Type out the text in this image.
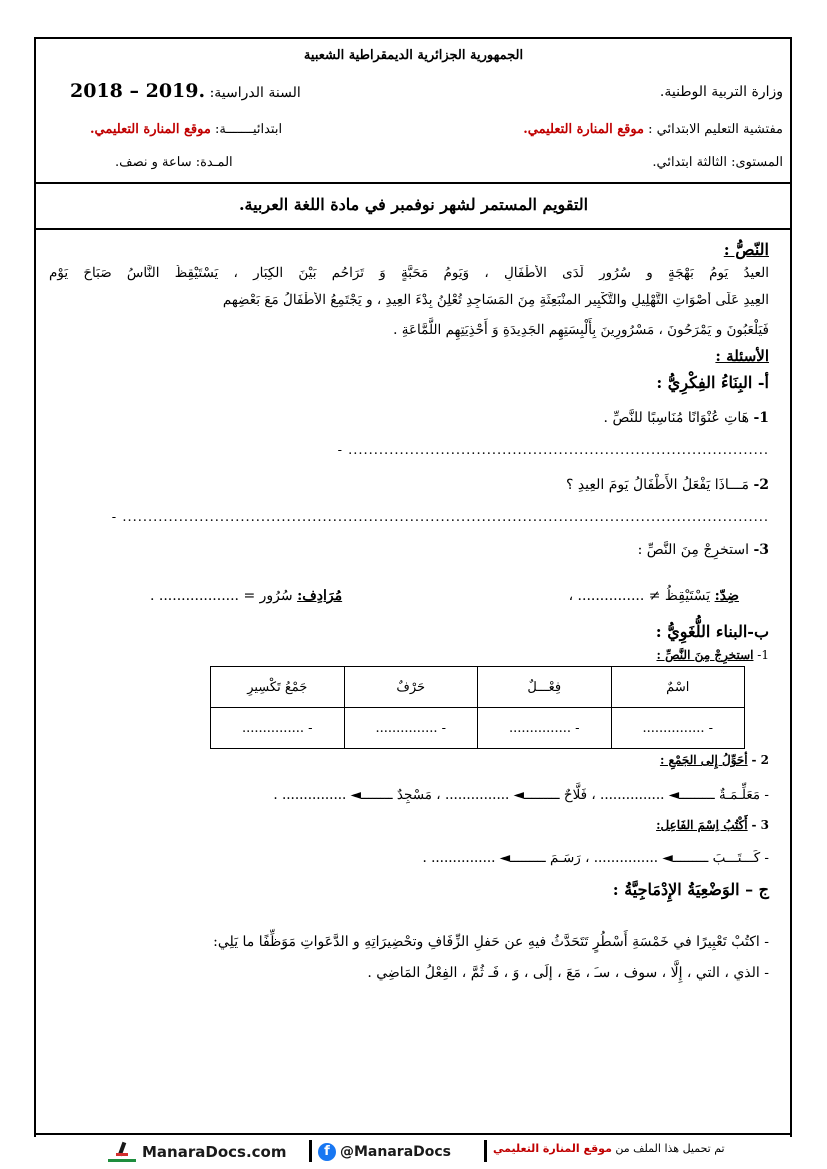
الجمهورية الجزائرية الديمقراطية الشعبية
وزارة التربية الوطنية.
السنة الدراسية: 2018 – 2019.
مفتشية التعليم الابتدائي : موقع المنارة التعليمي.
ابتدائيـــــــة: موقع المنارة التعليمي.
المستوى: الثالثة ابتدائي.
المـدة: ساعة و نصف.
التقويم المستمر لشهر نوفمبر في مادة اللغة العربية.
النّصُّ :
العيدُ يَومُ بَهْجَةٍ و سُرُورٍ لَدَى الأَطْفَالِ ، وَيَومُ مَحَبَّةٍ وَ تَرَاحُمٍ بَيْنَ الكِبَارِ ، يَسْتَيْقِظُ النَّاسُ صَبَاحَ يَوْمِ
العِيدِ عَلَى أَصْوَاتِ التَّهْلِيلِ والتَّكْبِيرِ المنْبَعِثَةِ مِنَ المَسَاجِدِ تُعْلِنُ بِدْءَ العِيدِ ، و يَجْتَمِعُ الأَطْفَالُ مَعَ بَعْضِهِم
فَيَلْعَبُونَ و يَمْرَحُونَ ، مَسْرُورِينَ بِأَلْبِسَتِهِم الجَدِيدَةِ وَ أَحْذِيَتِهِم اللَّمَّاعَةِ .
الأسئلة :
أ- البِنَاءُ الفِكْرِيُّ :
1- هَاتِ عُنْوَانًا مُنَاسِبًا للنَّصِّ .
- ..................................................................................
2- مَـــاذَا يَفْعَلُ الأَطْفَالُ يَومَ العِيدِ ؟
- ..............................................................................................................................
3- استخرِجْ مِنَ النَّصِّ :
ضِدّ: يَسْتَيْقِظُ ≠ ............... ،
مُرَادِف: سُرُور = .................. .
ب-البناء اللُّغَوِيُّ :
1- استخرِجْ مِنَ النَّصِّ :
جَمْعُ تَكْسِيرِ	حَرْفٌ	فِعْـــلٌ	اسْمٌ
- ...............	- ...............	- ...............	- ...............
2 - أحَوِّلُ إِلى الجَمْعِ :
- مَعَلِّـمَـةٌ ـــــــــ◄ ............... ، فَلَّاحٌ ـــــــــ◄ ............... ، مَسْجِدٌ ــــــــ◄ ............... .
3 - أَكْتُبُ اِسْمَ الفَاعِل:
- كَـــتَـــبَ ـــــــــ◄ ............... ، رَسَـمَ ـــــــــ◄ ............... .
ج – الوَضْعِيَةُ الإِدْمَاجِيَّةُ :
- اكتُبْ تَعْبِيرًا في خَمْسَةِ أَسْطُرٍ تَتَحَدَّثُ فيهِ عن حَفلِ الزِّفَافِ وتحْضِيرَاتِهِ و الدَّعَواتِ مَوَظِّفًا ما يَلِي:
- الذي ، التي ، إِلَّا ، سوف ، سـَ ، مَعَ ، إلَى ، وَ ، فَـ ثُمَّ ، الفِعْلُ المَاضِي .
تم تحميل هذا الملف من موقع المنارة التعليمي
f @ManaraDocs
ManaraDocs.com
